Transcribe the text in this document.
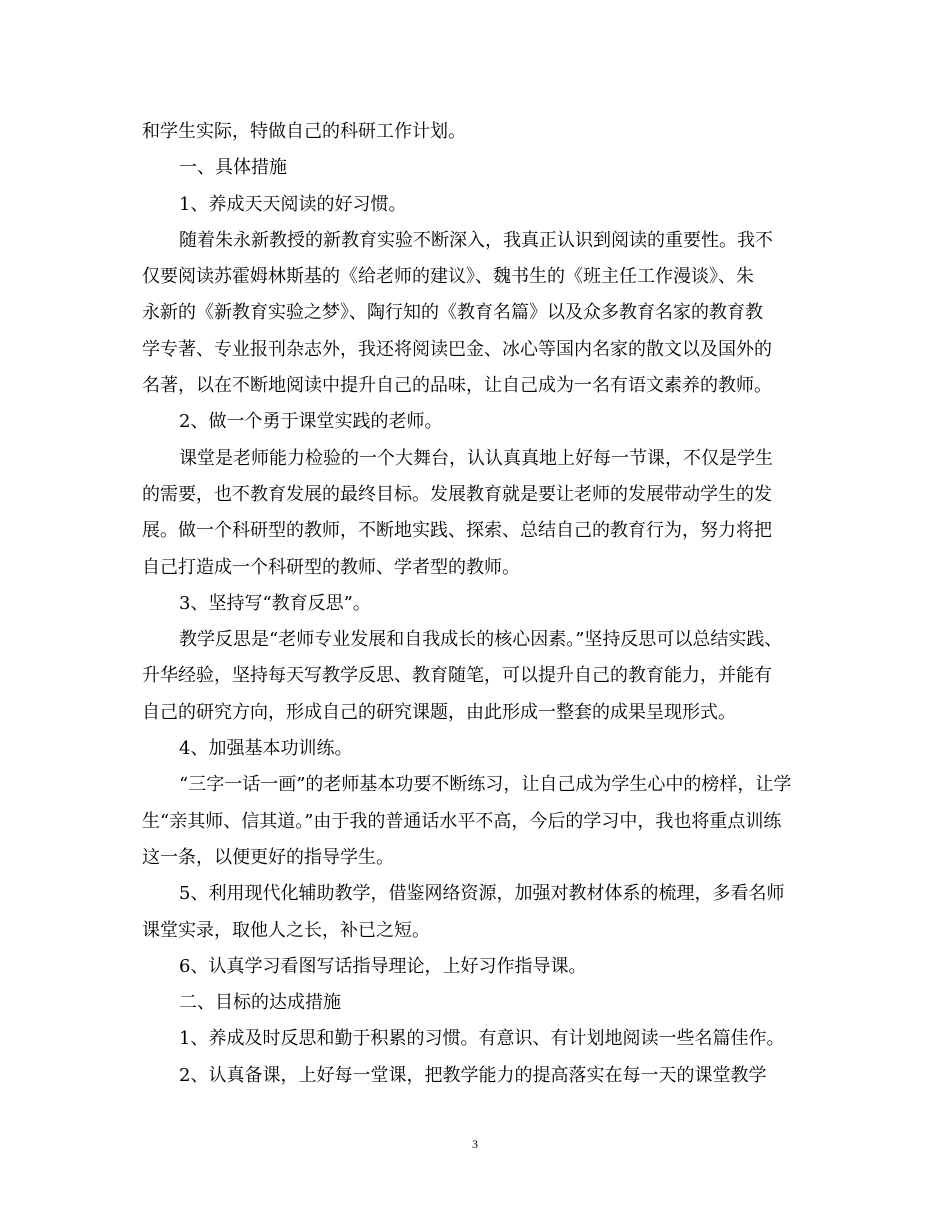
和学生实际，特做自己的科研工作计划。
一、具体措施
1、养成天天阅读的好习惯。
随着朱永新教授的新教育实验不断深入，我真正认识到阅读的重要性。我不
仅要阅读苏霍姆林斯基的《给老师的建议》、魏书生的《班主任工作漫谈》、朱
永新的《新教育实验之梦》、陶行知的《教育名篇》以及众多教育名家的教育教
学专著、专业报刊杂志外，我还将阅读巴金、冰心等国内名家的散文以及国外的
名著，以在不断地阅读中提升自己的品味，让自己成为一名有语文素养的教师。
2、做一个勇于课堂实践的老师。
课堂是老师能力检验的一个大舞台，认认真真地上好每一节课，不仅是学生
的需要，也不教育发展的最终目标。发展教育就是要让老师的发展带动学生的发
展。做一个科研型的教师，不断地实践、探索、总结自己的教育行为，努力将把
自己打造成一个科研型的教师、学者型的教师。
3、坚持写“教育反思”。
教学反思是“老师专业发展和自我成长的核心因素。”坚持反思可以总结实践、
升华经验，坚持每天写教学反思、教育随笔，可以提升自己的教育能力，并能有
自己的研究方向，形成自己的研究课题，由此形成一整套的成果呈现形式。
4、加强基本功训练。
“三字一话一画”的老师基本功要不断练习，让自己成为学生心中的榜样，让学
生“亲其师、信其道。”由于我的普通话水平不高，今后的学习中，我也将重点训练
这一条，以便更好的指导学生。
5、利用现代化辅助教学，借鉴网络资源，加强对教材体系的梳理，多看名师
课堂实录，取他人之长，补已之短。
6、认真学习看图写话指导理论，上好习作指导课。
二、目标的达成措施
1、养成及时反思和勤于积累的习惯。有意识、有计划地阅读一些名篇佳作。
2、认真备课，上好每一堂课，把教学能力的提高落实在每一天的课堂教学
3
